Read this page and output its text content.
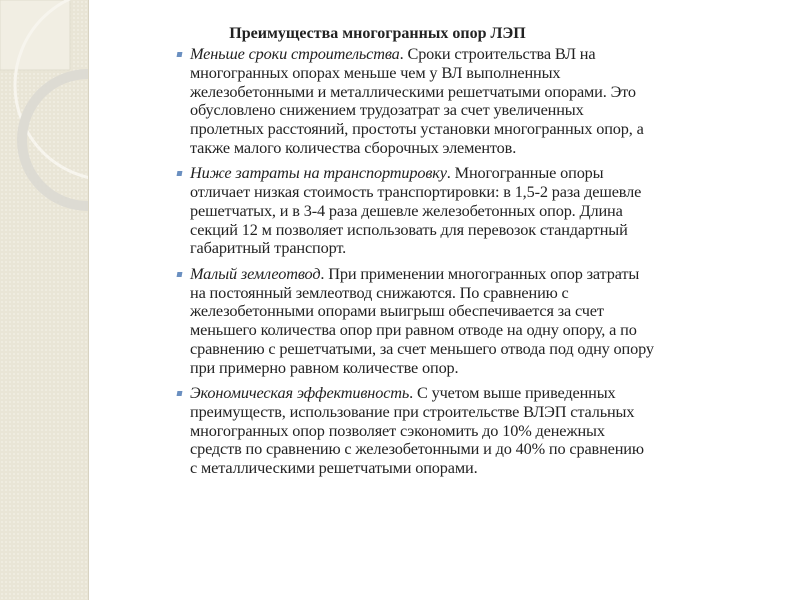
Преимущества многогранных опор ЛЭП
Меньше сроки строительства. Сроки строительства ВЛ на
многогранных опорах меньше чем у ВЛ выполненных
железобетонными и металлическими решетчатыми опорами. Это
обусловлено снижением трудозатрат за счет увеличенных
пролетных расстояний, простоты установки многогранных опор, а
также малого количества сборочных элементов.
Ниже затраты на транспортировку. Многогранные опоры
отличает низкая стоимость транспортировки: в 1,5-2 раза дешевле
решетчатых, и в 3-4 раза дешевле железобетонных опор. Длина
секций 12 м позволяет использовать для перевозок стандартный
габаритный транспорт.
Малый землеотвод. При применении многогранных опор затраты
на постоянный землеотвод снижаются. По сравнению с
железобетонными опорами выигрыш обеспечивается за счет
меньшего количества опор при равном отводе на одну опору, а по
сравнению с решетчатыми, за счет меньшего отвода под одну опору
при примерно равном количестве опор.
Экономическая эффективность. С учетом выше приведенных
преимуществ, использование при строительстве ВЛЭП стальных
многогранных опор позволяет сэкономить до 10% денежных
средств по сравнению с железобетонными и до 40% по сравнению
с металлическими решетчатыми опорами.
